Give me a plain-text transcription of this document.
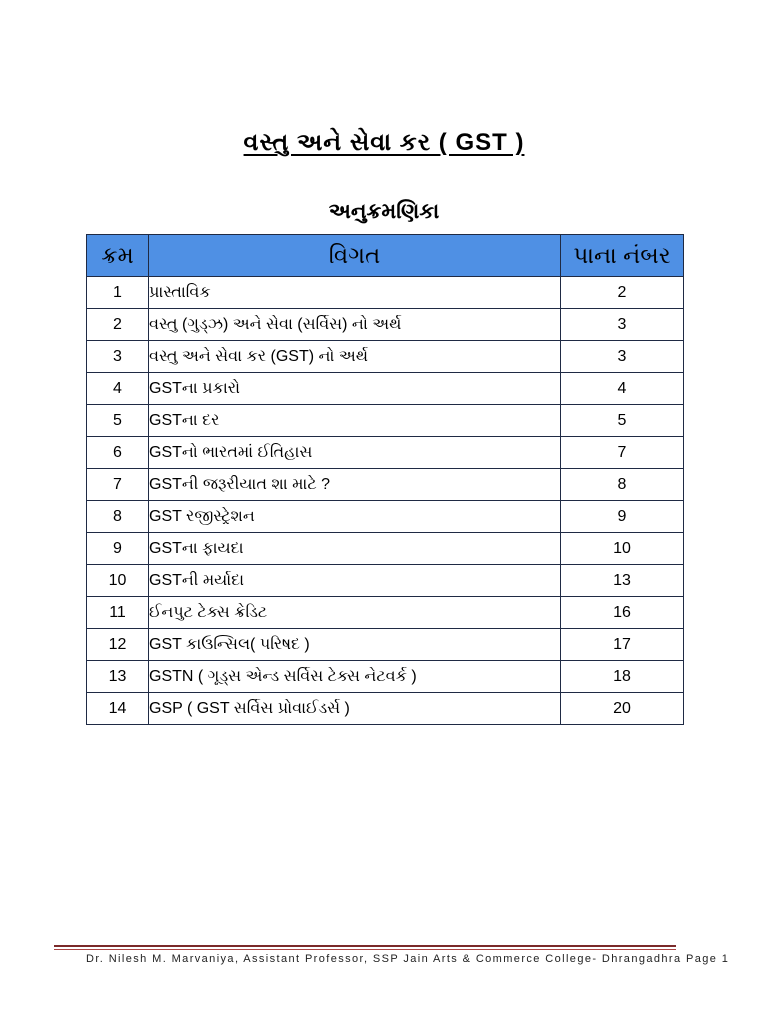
વસ્તુ અને સેવા કર ( GST )
અનુક્રમણિકા
ક્રમ	વિગત	પાના નંબર
1	પ્રાસ્તાવિક	2
2	વસ્તુ (ગુડ્ઝ) અને સેવા (સર્વિસ) નો અર્થ	3
3	વસ્તુ અને સેવા કર (GST) નો અર્થ	3
4	GSTના પ્રકારો	4
5	GSTના દર	5
6	GSTનો ભારતમાં ઈતિહાસ	7
7	GSTની જરૂરીયાત શા માટે ?	8
8	GST રજીસ્ટ્રેશન	9
9	GSTના ફાયદા	10
10	GSTની મર્યાદા	13
11	ઈનપુટ ટેક્સ ક્રેડિટ	16
12	GST કાઉન્સિલ( પરિષદ )	17
13	GSTN ( ગૂડ્સ એન્ડ સર્વિસ ટેક્સ નેટવર્ક )	18
14	GSP ( GST સર્વિસ પ્રોવાઈડર્સ )	20
Dr. Nilesh M. Marvaniya, Assistant Professor, SSP Jain Arts & Commerce College- Dhrangadhra Page 1
